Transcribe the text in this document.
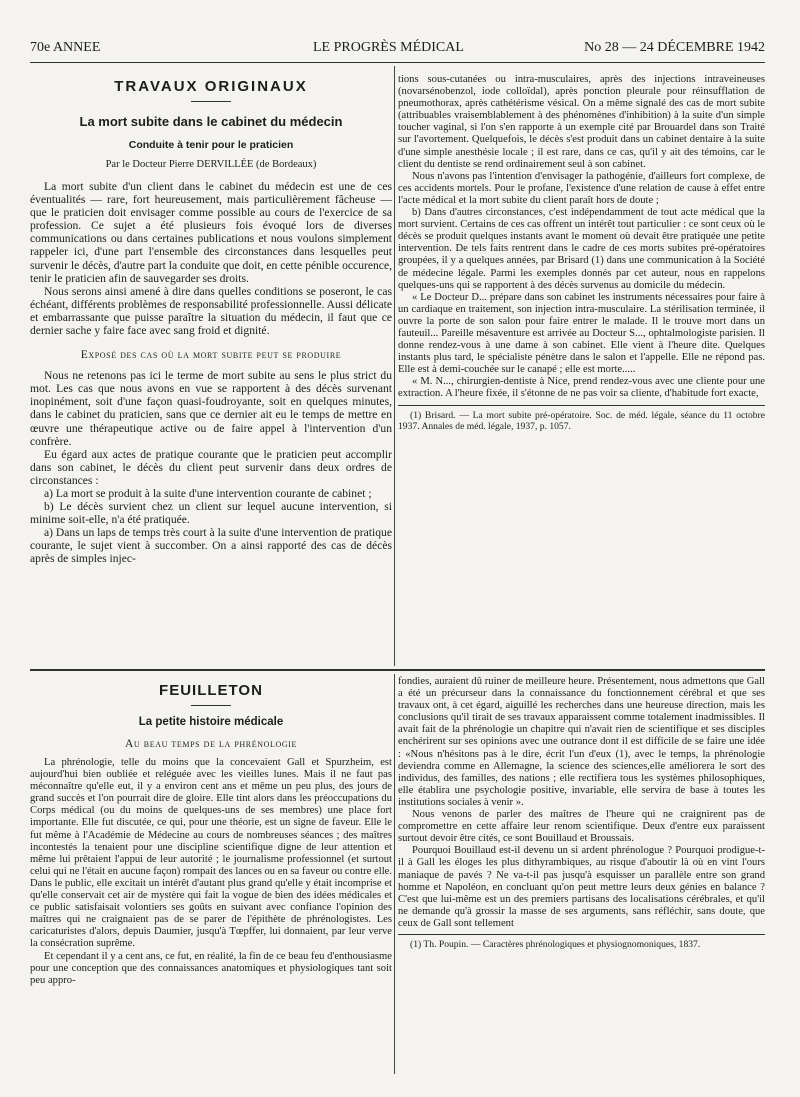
70e ANNEE	LE PROGRÈS MÉDICAL	No 28 — 24 DÉCEMBRE 1942

TRAVAUX ORIGINAUX

La mort subite dans le cabinet du médecin

Conduite à tenir pour le praticien

Par le Docteur Pierre DERVILLÉE (de Bordeaux)

La mort subite d'un client dans le cabinet du médecin est une de ces éventualités — rare, fort heureusement, mais particulièrement fâcheuse — que le praticien doit envisager comme possible au cours de l'exercice de sa profession. Ce sujet a été plusieurs fois évoqué lors de diverses communications ou dans certaines publications et nous voulons simplement rappeler ici, d'une part l'ensemble des circonstances dans lesquelles peut survenir le décès, d'autre part la conduite que doit, en cette pénible occurence, tenir le praticien afin de sauvegarder ses droits.

Nous serons ainsi amené à dire dans quelles conditions se poseront, le cas échéant, différents problèmes de responsabilité professionnelle. Aussi délicate et embarrassante que puisse paraître la situation du médecin, il faut que ce dernier sache y faire face avec sang froid et dignité.

Exposé des cas où la mort subite peut se produire

Nous ne retenons pas ici le terme de mort subite au sens le plus strict du mot. Les cas que nous avons en vue se rapportent à des décès survenant inopinément, soit d'une façon quasi-foudroyante, soit en quelques minutes, dans le cabinet du praticien, sans que ce dernier ait eu le temps de mettre en œuvre une thérapeutique active ou de faire appel à l'intervention d'un confrère.

Eu égard aux actes de pratique courante que le praticien peut accomplir dans son cabinet, le décès du client peut survenir dans deux ordres de circonstances :

a) La mort se produit à la suite d'une intervention courante de cabinet ;

b) Le décès survient chez un client sur lequel aucune intervention, si minime soit-elle, n'a été pratiquée.

a) Dans un laps de temps très court à la suite d'une intervention de pratique courante, le sujet vient à succomber. On a ainsi rapporté des cas de décès après de simples injec-

tions sous-cutanées ou intra-musculaires, après des injections intraveineuses (novarsénobenzol, iode colloïdal), après ponction pleurale pour réinsufflation de pneumothorax, après cathétérisme vésical. On a même signalé des cas de mort subite (attribuables vraisemblablement à des phénomènes d'inhibition) à la suite d'un simple toucher vaginal, si l'on s'en rapporte à un exemple cité par Brouardel dans son Traité sur l'avortement. Quelquefois, le décès s'est produit dans un cabinet dentaire à la suite d'une simple anesthésie locale ; il est rare, dans ce cas, qu'il y ait des témoins, car le client du dentiste se rend ordinairement seul à son cabinet.

Nous n'avons pas l'intention d'envisager la pathogénie, d'ailleurs fort complexe, de ces accidents mortels. Pour le profane, l'existence d'une relation de cause à effet entre l'acte médical et la mort subite du client paraît hors de doute ;

b) Dans d'autres circonstances, c'est indépendamment de tout acte médical que la mort survient. Certains de ces cas offrent un intérêt tout particulier : ce sont ceux où le décès se produit quelques instants avant le moment où devait être pratiquée une petite intervention. De tels faits rentrent dans le cadre de ces morts subites pré-opératoires groupées, il y a quelques années, par Brisard (1) dans une communication à la Société de médecine légale. Parmi les exemples donnés par cet auteur, nous en rappelons quelques-uns qui se rapportent à des décès survenus au domicile du médecin.

« Le Docteur D... prépare dans son cabinet les instruments nécessaires pour faire à un cardiaque en traitement, son injection intra-musculaire. La stérilisation terminée, il ouvre la porte de son salon pour faire entrer le malade. Il le trouve mort dans un fauteuil... Pareille mésaventure est arrivée au Docteur S..., ophtalmologiste parisien. Il donne rendez-vous à une dame à son cabinet. Elle vient à l'heure dite. Quelques instants plus tard, le spécialiste pénètre dans le salon et l'appelle. Elle ne répond pas. Elle est à demi-couchée sur le canapé ; elle est morte.....

« M. N..., chirurgien-dentiste à Nice, prend rendez-vous avec une cliente pour une extraction. A l'heure fixée, il s'étonne de ne pas voir sa cliente, d'habitude fort exacte,

(1) Brisard. — La mort subite pré-opératoire. Soc. de méd. légale, séance du 11 octobre 1937. Annales de méd. légale, 1937, p. 1057.

FEUILLETON

La petite histoire médicale

Au beau temps de la phrénologie

La phrénologie, telle du moins que la concevaient Gall et Spurzheim, est aujourd'hui bien oubliée et reléguée avec les vieilles lunes. Mais il ne faut pas méconnaître qu'elle eut, il y a environ cent ans et même un peu plus, des jours de grand succès et l'on pourrait dire de gloire. Elle tint alors dans les préoccupations du Corps médical (ou du moins de quelques-uns de ses membres) une place fort importante. Elle fut discutée, ce qui, pour une théorie, est un signe de faveur. Elle le fut même à l'Académie de Médecine au cours de nombreuses séances ; des maîtres incontestés la tenaient pour une discipline scientifique digne de leur attention et même lui prêtaient l'appui de leur autorité ; le journalisme professionnel (et surtout celui qui ne l'était en aucune façon) rompait des lances ou en sa faveur ou contre elle. Dans le public, elle excitait un intérêt d'autant plus grand qu'elle y était incomprise et qu'elle conservait cet air de mystère qui fait la vogue de bien des idées médicales et ce public satisfaisait volontiers ses goûts en suivant avec confiance l'opinion des maîtres qui ne craignaient pas de se parer de l'épithète de phrénologistes. Les caricaturistes d'alors, depuis Daumier, jusqu'à Tœpffer, lui donnaient, par leur verve la consécration suprême.

Et cependant il y a cent ans, ce fut, en réalité, la fin de ce beau feu d'enthousiasme pour une conception que des connaissances anatomiques et physiologiques tant soit peu appro-

fondies, auraient dû ruiner de meilleure heure. Présentement, nous admettons que Gall a été un précurseur dans la connaissance du fonctionnement cérébral et que ses travaux ont, à cet égard, aiguillé les recherches dans une heureuse direction, mais les conclusions qu'il tirait de ses travaux apparaissent comme totalement inadmissibles. Il avait fait de la phrénologie un chapitre qui n'avait rien de scientifique et ses disciples enchérirent sur ses opinions avec une outrance dont il est difficile de se faire une idée : «Nous n'hésitons pas à le dire, écrit l'un d'eux (1), avec le temps, la phrénologie deviendra comme en Allemagne, la science des sciences,elle améliorera le sort des individus, des familles, des nations ; elle rectifiera tous les systèmes philosophiques, elle établira une psychologie positive, invariable, elle servira de base à toutes les institutions sociales à venir ».

Nous venons de parler des maîtres de l'heure qui ne craignirent pas de compromettre en cette affaire leur renom scientifique. Deux d'entre eux paraissent surtout devoir être cités, ce sont Bouillaud et Broussais.

Pourquoi Bouillaud est-il devenu un si ardent phrénologue ? Pourquoi prodigue-t-il à Gall les éloges les plus dithyrambiques, au risque d'aboutir là où en vint l'ours maniaque de pavés ? Ne va-t-il pas jusqu'à esquisser un parallèle entre son grand homme et Napoléon, en concluant qu'on peut mettre leurs deux génies en balance ? C'est que lui-même est un des premiers partisans des localisations cérébrales, et qu'il ne demande qu'à grossir la masse de ses arguments, sans réfléchir, sans doute, que ceux de Gall sont tellement

(1) Th. Poupin. — Caractères phrénologiques et physiognomoniques, 1837.
